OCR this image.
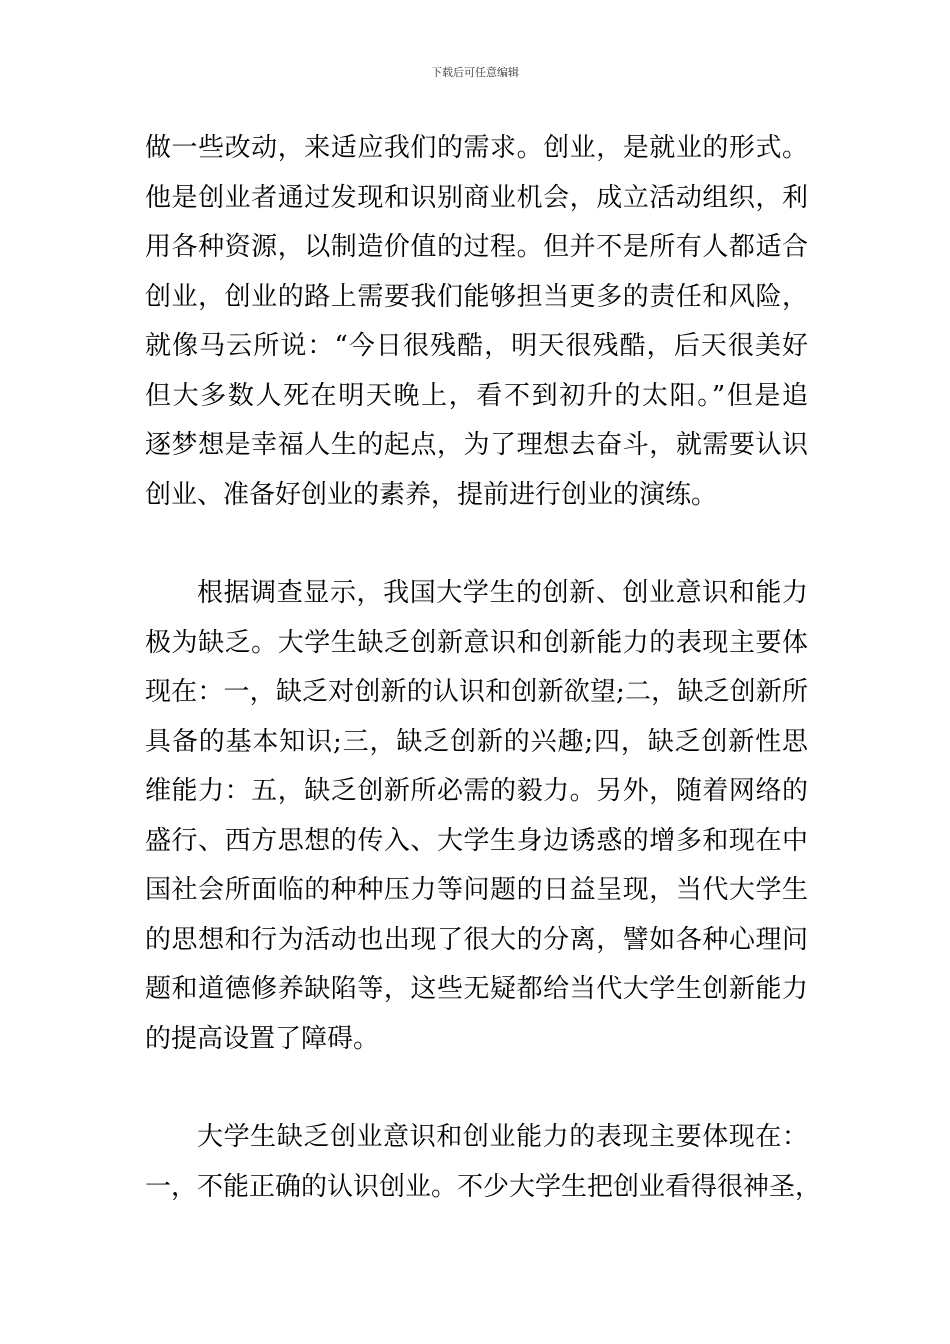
下载后可任意编辑
做一些改动，来适应我们的需求。创业，是就业的形式。
他是创业者通过发现和识别商业机会，成立活动组织，利
用各种资源，以制造价值的过程。但并不是所有人都适合
创业，创业的路上需要我们能够担当更多的责任和风险，
就像马云所说：“今日很残酷，明天很残酷，后天很美好
但大多数人死在明天晚上，看不到初升的太阳。”但是追
逐梦想是幸福人生的起点，为了理想去奋斗，就需要认识
创业、准备好创业的素养，提前进行创业的演练。
根据调查显示，我国大学生的创新、创业意识和能力
极为缺乏。大学生缺乏创新意识和创新能力的表现主要体
现在：一，缺乏对创新的认识和创新欲望;二，缺乏创新所
具备的基本知识;三，缺乏创新的兴趣;四，缺乏创新性思
维能力：五，缺乏创新所必需的毅力。另外，随着网络的
盛行、西方思想的传入、大学生身边诱惑的增多和现在中
国社会所面临的种种压力等问题的日益呈现，当代大学生
的思想和行为活动也出现了很大的分离，譬如各种心理问
题和道德修养缺陷等，这些无疑都给当代大学生创新能力
的提高设置了障碍。
大学生缺乏创业意识和创业能力的表现主要体现在：
一，不能正确的认识创业。不少大学生把创业看得很神圣，
